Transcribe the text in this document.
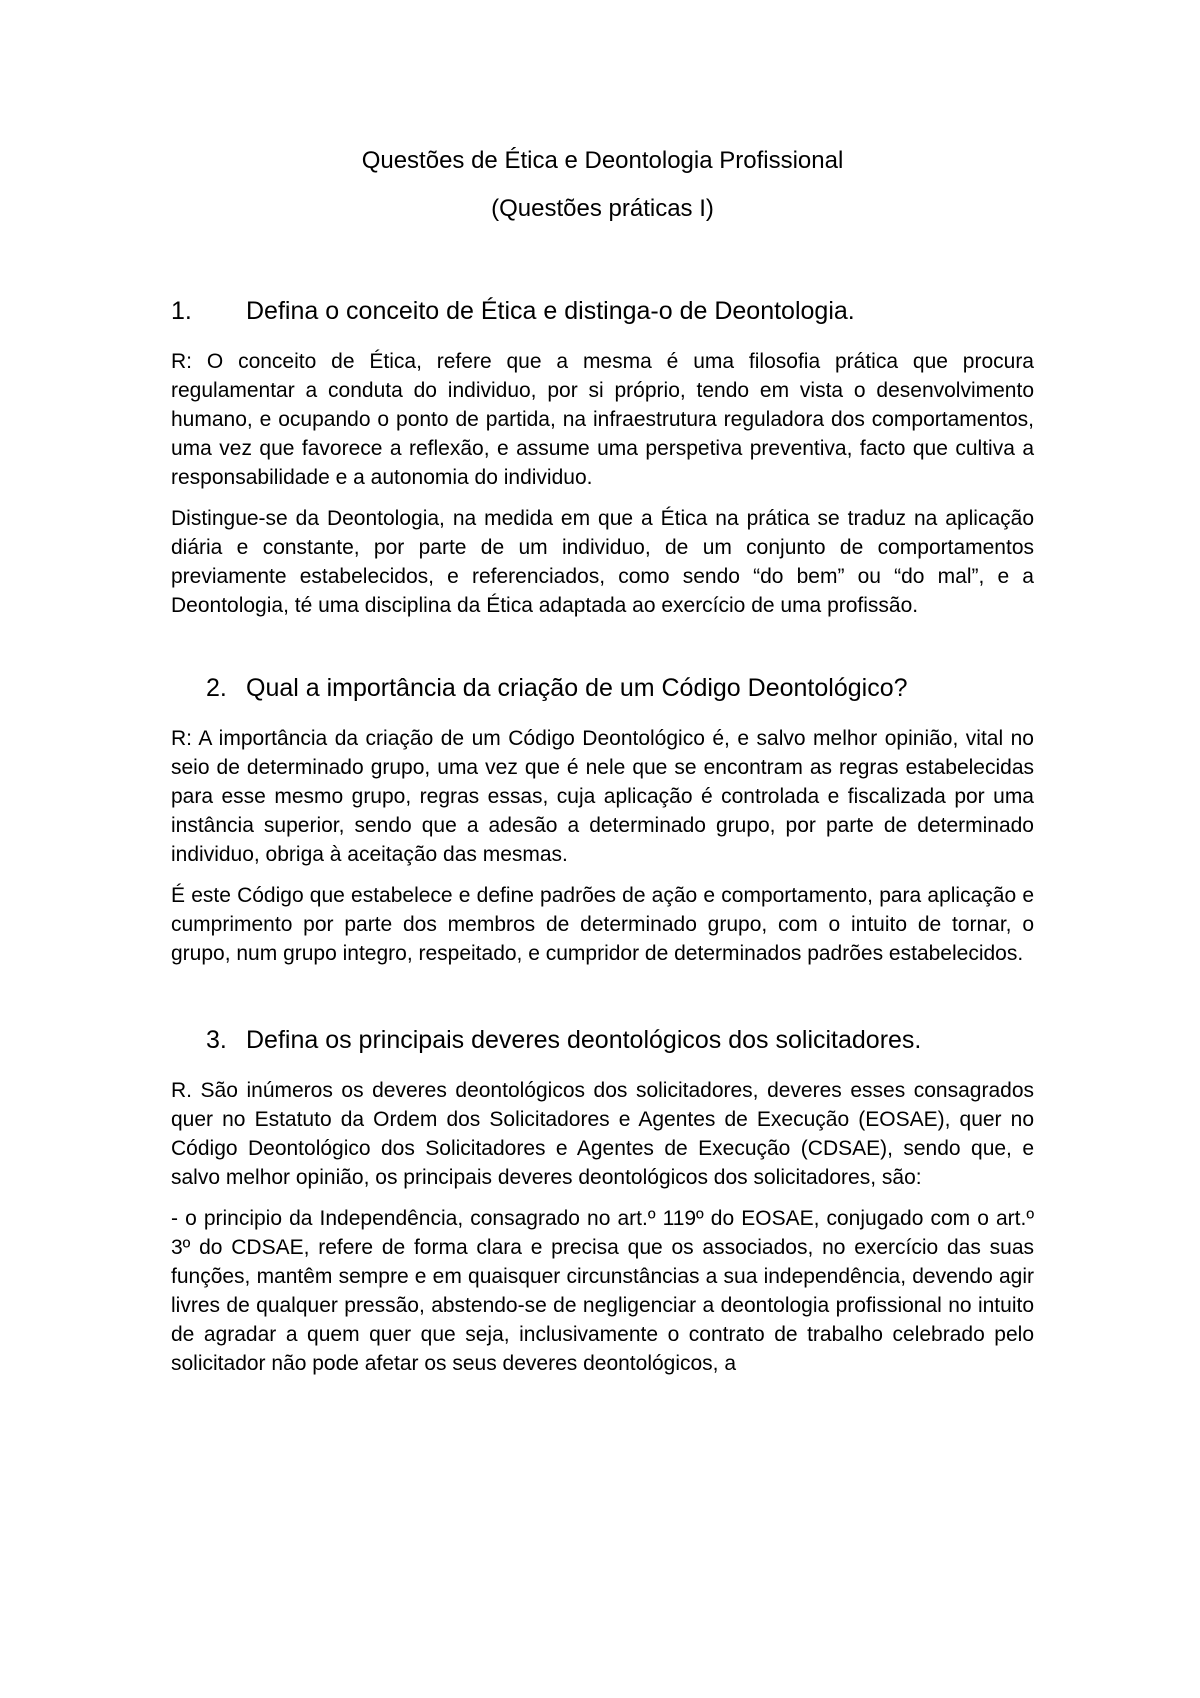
Questões de Ética e Deontologia Profissional

(Questões práticas I)

1.	Defina o conceito de Ética e distinga-o de Deontologia.

R: O conceito de Ética, refere que a mesma é uma filosofia prática que procura regulamentar a conduta do individuo, por si próprio, tendo em vista o desenvolvimento humano, e ocupando o ponto de partida, na infraestrutura reguladora dos comportamentos, uma vez que favorece a reflexão, e assume uma perspetiva preventiva, facto que cultiva a responsabilidade e a autonomia do individuo.

Distingue-se da Deontologia, na medida em que a Ética na prática se traduz na aplicação diária e constante, por parte de um individuo, de um conjunto de comportamentos previamente estabelecidos, e referenciados, como sendo “do bem” ou “do mal”, e a Deontologia, té uma disciplina da Ética adaptada ao exercício de uma profissão.

2. Qual a importância da criação de um Código Deontológico?

R: A importância da criação de um Código Deontológico é, e salvo melhor opinião, vital no seio de determinado grupo, uma vez que é nele que se encontram as regras estabelecidas para esse mesmo grupo, regras essas, cuja aplicação é controlada e fiscalizada por uma instância superior, sendo que a adesão a determinado grupo, por parte de determinado individuo, obriga à aceitação das mesmas.

É este Código que estabelece e define padrões de ação e comportamento, para aplicação e cumprimento por parte dos membros de determinado grupo, com o intuito de tornar, o grupo, num grupo integro, respeitado, e cumpridor de determinados padrões estabelecidos.

3. Defina os principais deveres deontológicos dos solicitadores.

R. São inúmeros os deveres deontológicos dos solicitadores, deveres esses consagrados quer no Estatuto da Ordem dos Solicitadores e Agentes de Execução (EOSAE), quer no Código Deontológico dos Solicitadores e Agentes de Execução (CDSAE), sendo que, e salvo melhor opinião, os principais deveres deontológicos dos solicitadores, são:

- o principio da Independência, consagrado no art.º 119º do EOSAE, conjugado com o art.º 3º do CDSAE, refere de forma clara e precisa que os associados, no exercício das suas funções, mantêm sempre e em quaisquer circunstâncias a sua independência, devendo agir livres de qualquer pressão, abstendo-se de negligenciar a deontologia profissional no intuito de agradar a quem quer que seja, inclusivamente o contrato de trabalho celebrado pelo solicitador não pode afetar os seus deveres deontológicos, a
